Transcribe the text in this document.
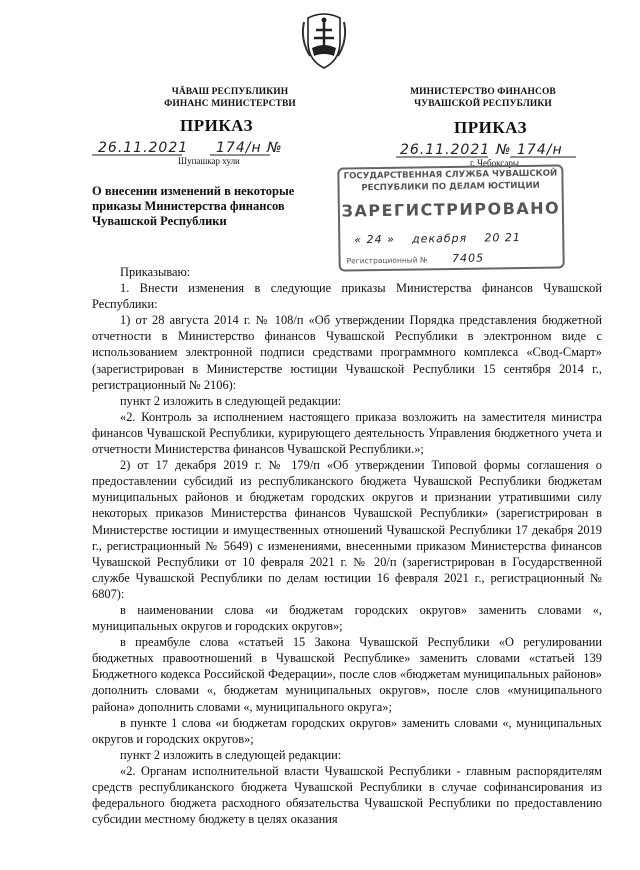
ЧĂВАШ РЕСПУБЛИКИН
ФИНАНС МИНИСТЕРСТВИ
МИНИСТЕРСТВО ФИНАНСОВ
ЧУВАШСКОЙ РЕСПУБЛИКИ
ПРИКАЗ	ПРИКАЗ
26.11.2021 174/н №
Шупашкар хули
26.11.2021 № 174/н
г. Чебоксары
О внесении изменений в некоторые
приказы Министерства финансов
Чувашской Республики
ГОСУДАРСТВЕННАЯ СЛУЖБА ЧУВАШСКОЙ
РЕСПУБЛИКИ ПО ДЕЛАМ ЮСТИЦИИ
ЗАРЕГИСТРИРОВАНО
« 24 » декабря 20 21
Регистрационный № 7405

Приказываю:

1. Внести изменения в следующие приказы Министерства финансов Чувашской Республики:

1) от 28 августа 2014 г. № 108/п «Об утверждении Порядка представления бюджетной отчетности в Министерство финансов Чувашской Республики в электронном виде с использованием электронной подписи средствами программного комплекса «Свод-Смарт» (зарегистрирован в Министерстве юстиции Чувашской Республики 15 сентября 2014 г., регистрационный № 2106):

пункт 2 изложить в следующей редакции:

«2. Контроль за исполнением настоящего приказа возложить на заместителя министра финансов Чувашской Республики, курирующего деятельность Управления бюджетного учета и отчетности Министерства финансов Чувашской Республики.»;

2) от 17 декабря 2019 г. № 179/п «Об утверждении Типовой формы соглашения о предоставлении субсидий из республиканского бюджета Чувашской Республики бюджетам муниципальных районов и бюджетам городских округов и признании утратившими силу некоторых приказов Министерства финансов Чувашской Республики» (зарегистрирован в Министерстве юстиции и имущественных отношений Чувашской Республики 17 декабря 2019 г., регистрационный № 5649) с изменениями, внесенными приказом Министерства финансов Чувашской Республики от 10 февраля 2021 г. № 20/п (зарегистрирован в Государственной службе Чувашской Республики по делам юстиции 16 февраля 2021 г., регистрационный № 6807):

в наименовании слова «и бюджетам городских округов» заменить словами «, муниципальных округов и городских округов»;

в преамбуле слова «статьей 15 Закона Чувашской Республики «О регулировании бюджетных правоотношений в Чувашской Республике» заменить словами «статьей 139 Бюджетного кодекса Российской Федерации», после слов «бюджетам муниципальных районов» дополнить словами «, бюджетам муниципальных округов», после слов «муниципального района» дополнить словами «, муниципального округа»;

в пункте 1 слова «и бюджетам городских округов» заменить словами «, муниципальных округов и городских округов»;

пункт 2 изложить в следующей редакции:

«2. Органам исполнительной власти Чувашской Республики - главным распорядителям средств республиканского бюджета Чувашской Республики в случае софинансирования из федерального бюджета расходного обязательства Чувашской Республики по предоставлению субсидии местному бюджету в целях оказания
